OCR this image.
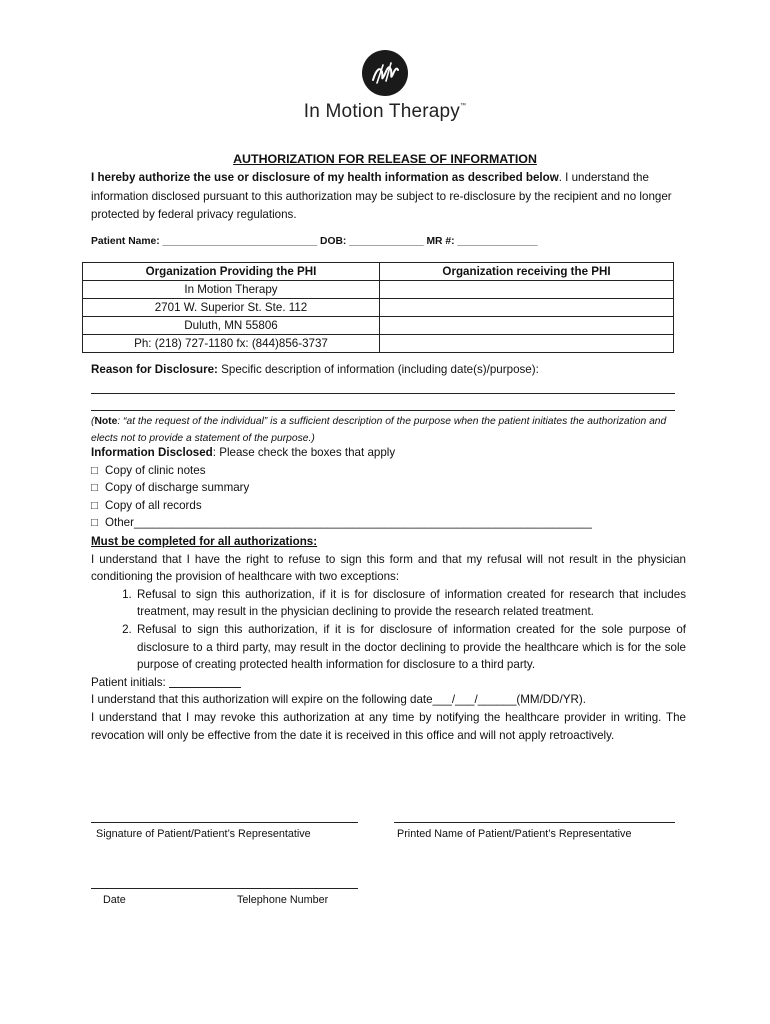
In Motion Therapy™
AUTHORIZATION FOR RELEASE OF INFORMATION
I hereby authorize the use or disclosure of my health information as described below. I understand the information disclosed pursuant to this authorization may be subject to re-disclosure by the recipient and no longer protected by federal privacy regulations.
Patient Name: ___________________________ DOB: _____________ MR #: ______________
Organization Providing the PHI	Organization receiving the PHI
In Motion Therapy	
2701 W. Superior St. Ste. 112	
Duluth, MN 55806	
Ph: (218) 727-1180 fx: (844)856-3737	
Reason for Disclosure: Specific description of information (including date(s)/purpose):
(Note: “at the request of the individual” is a sufficient description of the purpose when the patient initiates the authorization and elects not to provide a statement of the purpose.)
Information Disclosed: Please check the boxes that apply
□ Copy of clinic notes
□ Copy of discharge summary
□ Copy of all records
□ Other_______________________________________________________________________
Must be completed for all authorizations:
I understand that I have the right to refuse to sign this form and that my refusal will not result in the physician conditioning the provision of healthcare with two exceptions:
1. Refusal to sign this authorization, if it is for disclosure of information created for research that includes treatment, may result in the physician declining to provide the research related treatment.
2. Refusal to sign this authorization, if it is for disclosure of information created for the sole purpose of disclosure to a third party, may result in the doctor declining to provide the healthcare which is for the sole purpose of creating protected health information for disclosure to a third party.
Patient initials:
I understand that this authorization will expire on the following date___/___/______(MM/DD/YR).
I understand that I may revoke this authorization at any time by notifying the healthcare provider in writing. The revocation will only be effective from the date it is received in this office and will not apply retroactively.
Signature of Patient/Patient’s Representative	Printed Name of Patient/Patient’s Representative
Date	Telephone Number
